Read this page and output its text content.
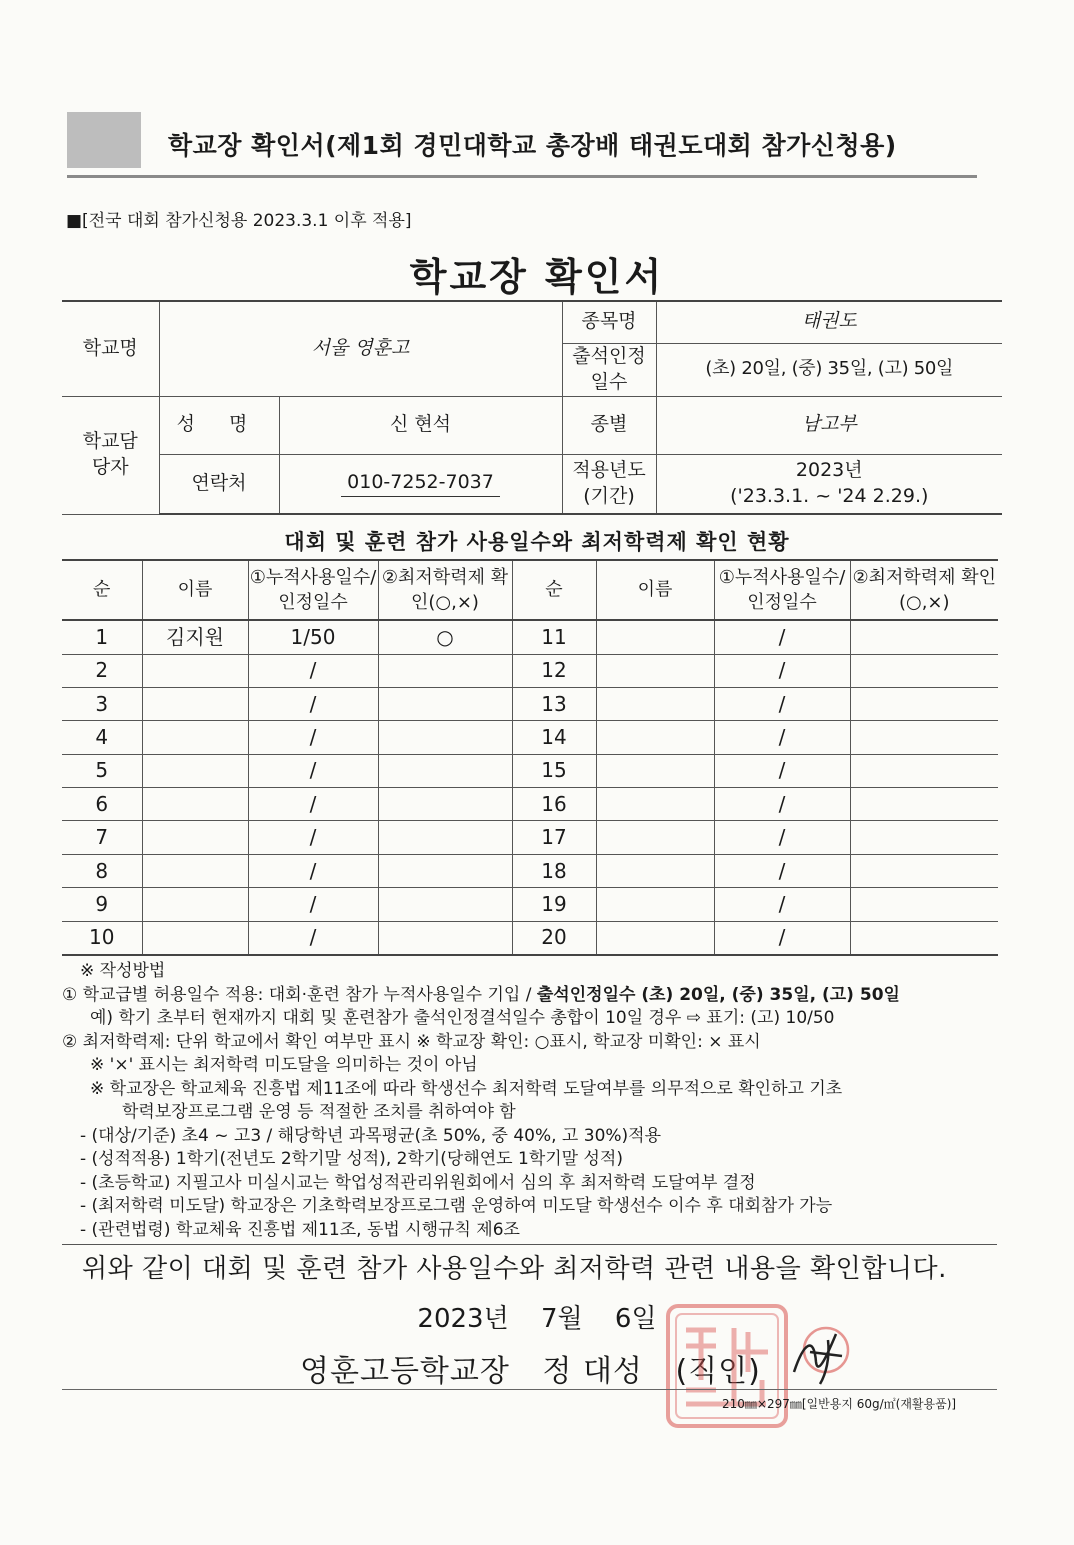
학교장 확인서(제1회 경민대학교 총장배 태권도대회 참가신청용)
■[전국 대회 참가신청용 2023.3.1 이후 적용]
학교장 확인서
학교명	서울 영훈고		종목명	태권도
			출석인정일수	(초) 20일, (중) 35일, (고) 50일
학교담당자	성 명	신 현석	종별	남고부
	연락처	010-7252-7037	적용년도(기간)	2023년
('23.3.1. ~ '24 2.29.)
대회 및 훈련 참가 사용일수와 최저학력제 확인 현황
순	이름	①누적사용일수/인정일수	②최저학력제 확인(○,×)	순	이름	①누적사용일수/인정일수	②최저학력제 확인(○,×)
1	김지원	1/50	○	11		/	
2		/		12		/	
3		/		13		/	
4		/		14		/	
5		/		15		/	
6		/		16		/	
7		/		17		/	
8		/		18		/	
9		/		19		/	
10		/		20		/	
※ 작성방법
① 학교급별 허용일수 적용: 대회·훈련 참가 누적사용일수 기입 / 출석인정일수 (초) 20일, (중) 35일, (고) 50일
예) 학기 초부터 현재까지 대회 및 훈련참가 출석인정결석일수 총합이 10일 경우 ⇨ 표기: (고) 10/50
② 최저학력제: 단위 학교에서 확인 여부만 표시 ※ 학교장 확인: ○표시, 학교장 미확인: × 표시
※ '×' 표시는 최저학력 미도달을 의미하는 것이 아님
※ 학교장은 학교체육 진흥법 제11조에 따라 학생선수 최저학력 도달여부를 의무적으로 확인하고 기초
학력보장프로그램 운영 등 적절한 조치를 취하여야 함
- (대상/기준) 초4 ~ 고3 / 해당학년 과목평균(초 50%, 중 40%, 고 30%)적용
- (성적적용) 1학기(전년도 2학기말 성적), 2학기(당해연도 1학기말 성적)
- (초등학교) 지필고사 미실시교는 학업성적관리위원회에서 심의 후 최저학력 도달여부 결정
- (최저학력 미도달) 학교장은 기초학력보장프로그램 운영하여 미도달 학생선수 이수 후 대회참가 가능
- (관련법령) 학교체육 진흥법 제11조, 동법 시행규칙 제6조
위와 같이 대회 및 훈련 참가 사용일수와 최저학력 관련 내용을 확인합니다.
2023년 7월 6일
영훈고등학교장 정 대성 (직인)
210㎜×297㎜[일반용지 60g/㎡(재활용품)]
